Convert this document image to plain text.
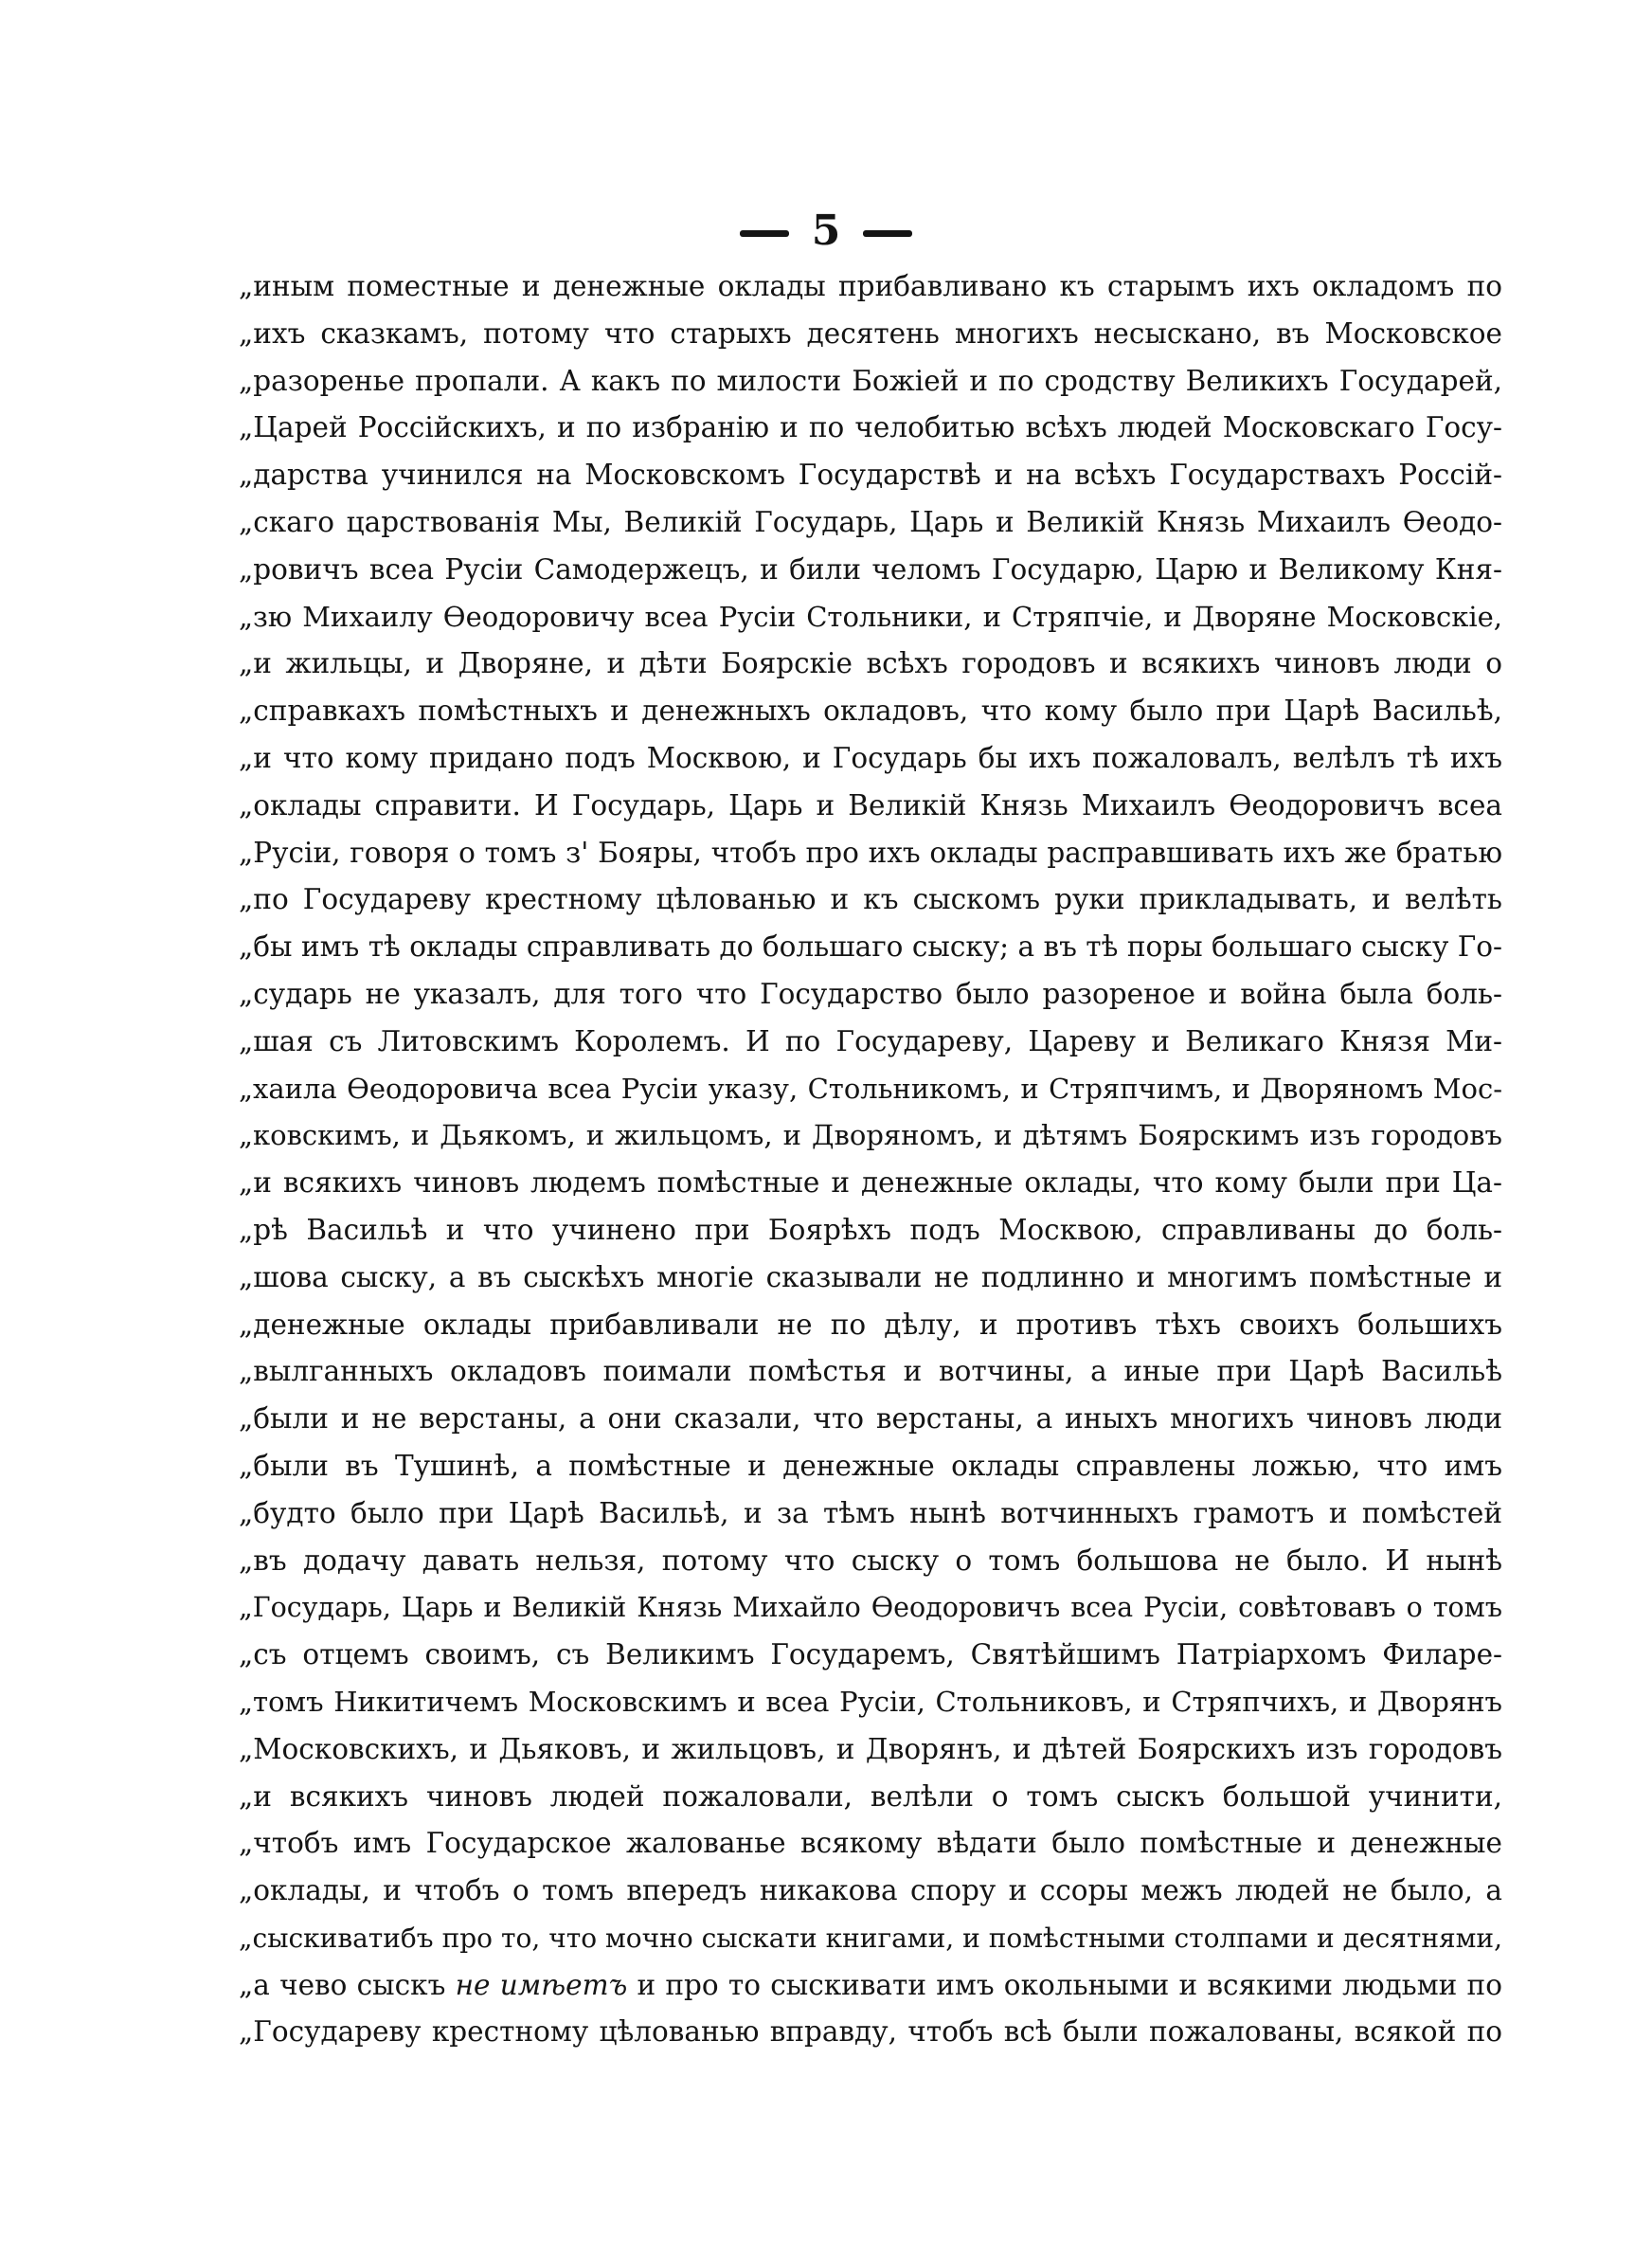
5
„иным поместные и денежные оклады прибавливано къ старымъ ихъ окладомъ по
„ихъ сказкамъ, потому что старыхъ десятень многихъ несыскано, въ Московское
„разоренье пропали. А какъ по милости Божiей и по сродству Великихъ Государей,
„Царей Россiйскихъ, и по избранiю и по челобитью всѣхъ людей Московскаго Госу-
„дарства учинился на Московскомъ Государствѣ и на всѣхъ Государствахъ Россiй-
„скаго царствованiя Мы, Великiй Государь, Царь и Великiй Князь Михаилъ Ѳеодо-
„ровичъ всеа Русiи Самодержецъ, и били челомъ Государю, Царю и Великому Кня-
„зю Михаилу Ѳеодоровичу всеа Русiи Стольники, и Стряпчiе, и Дворяне Московскiе,
„и жильцы, и Дворяне, и дѣти Боярскiе всѣхъ городовъ и всякихъ чиновъ люди о
„справкахъ помѣстныхъ и денежныхъ окладовъ, что кому было при Царѣ Васильѣ,
„и что кому придано подъ Москвою, и Государь бы ихъ пожаловалъ, велѣлъ тѣ ихъ
„оклады справити. И Государь, Царь и Великiй Князь Михаилъ Ѳеодоровичъ всеа
„Русiи, говоря о томъ з' Бояры, чтобъ про ихъ оклады расправшивать ихъ же братью
„по Государеву крестному цѣлованью и къ сыскомъ руки прикладывать, и велѣть
„бы имъ тѣ оклады справливать до большаго сыску; а въ тѣ поры большаго сыску Го-
„сударь не указалъ, для того что Государство было разореное и война была боль-
„шая съ Литовскимъ Королемъ. И по Государеву, Цареву и Великаго Князя Ми-
„хаила Ѳеодоровича всеа Русiи указу, Стольникомъ, и Стряпчимъ, и Дворяномъ Мос-
„ковскимъ, и Дьякомъ, и жильцомъ, и Дворяномъ, и дѣтямъ Боярскимъ изъ городовъ
„и всякихъ чиновъ людемъ помѣстные и денежные оклады, что кому были при Ца-
„рѣ Васильѣ и что учинено при Боярѣхъ подъ Москвою, справливаны до боль-
„шова сыску, а въ сыскѣхъ многiе сказывали не подлинно и многимъ помѣстные и
„денежные оклады прибавливали не по дѣлу, и противъ тѣхъ своихъ большихъ
„вылганныхъ окладовъ поимали помѣстья и вотчины, а иные при Царѣ Васильѣ
„были и не верстаны, а они сказали, что верстаны, а иныхъ многихъ чиновъ люди
„были въ Тушинѣ, а помѣстные и денежные оклады справлены ложью, что имъ
„будто было при Царѣ Васильѣ, и за тѣмъ нынѣ вотчинныхъ грамотъ и помѣстей
„въ додачу давать нельзя, потому что сыску о томъ большова не было. И нынѣ
„Государь, Царь и Великiй Князь Михайло Ѳеодоровичъ всеа Русiи, совѣтовавъ о томъ
„съ отцемъ своимъ, съ Великимъ Государемъ, Святѣйшимъ Патрiархомъ Филаре-
„томъ Никитичемъ Московскимъ и всеа Русiи, Стольниковъ, и Стряпчихъ, и Дворянъ
„Московскихъ, и Дьяковъ, и жильцовъ, и Дворянъ, и дѣтей Боярскихъ изъ городовъ
„и всякихъ чиновъ людей пожаловали, велѣли о томъ сыскъ большой учинити,
„чтобъ имъ Государское жалованье всякому вѣдати было помѣстные и денежные
„оклады, и чтобъ о томъ впередъ никакова спору и ссоры межъ людей не было, а
„сыскиватибъ про то, что мочно сыскати книгами, и помѣстными столпами и десятнями,
„а чево сыскъ не имѣетъ и про то сыскивати имъ окольными и всякими людьми по
„Государеву крестному цѣлованью вправду, чтобъ всѣ были пожалованы, всякой по
